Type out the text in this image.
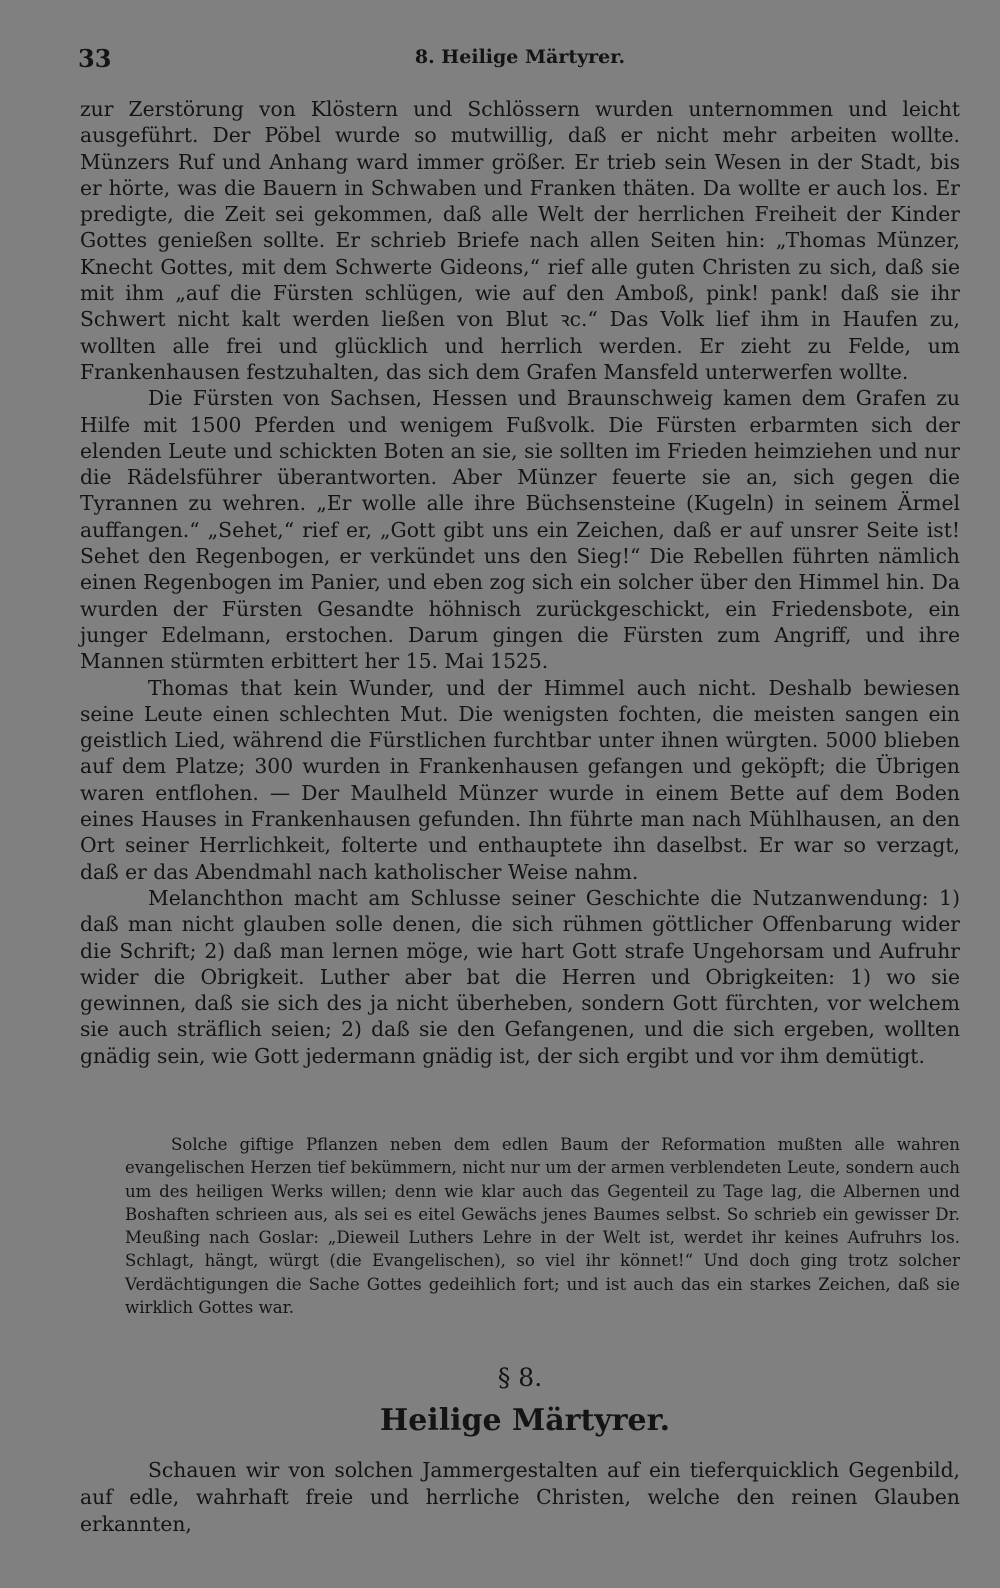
33	8. Heilige Märtyrer.

zur Zerstörung von Klöstern und Schlössern wurden unternommen und leicht ausgeführt. Der Pöbel wurde so mutwillig, daß er nicht mehr arbeiten wollte. Münzers Ruf und Anhang ward immer größer. Er trieb sein Wesen in der Stadt, bis er hörte, was die Bauern in Schwaben und Franken thäten. Da wollte er auch los. Er predigte, die Zeit sei gekommen, daß alle Welt der herrlichen Freiheit der Kinder Gottes genießen sollte. Er schrieb Briefe nach allen Seiten hin: „Thomas Münzer, Knecht Gottes, mit dem Schwerte Gideons,“ rief alle guten Christen zu sich, daß sie mit ihm „auf die Fürsten schlügen, wie auf den Amboß, pink! pank! daß sie ihr Schwert nicht kalt werden ließen von Blut ꝛc.“ Das Volk lief ihm in Haufen zu, wollten alle frei und glücklich und herrlich werden. Er zieht zu Felde, um Frankenhausen festzuhalten, das sich dem Grafen Mansfeld unterwerfen wollte.

Die Fürsten von Sachsen, Hessen und Braunschweig kamen dem Grafen zu Hilfe mit 1500 Pferden und wenigem Fußvolk. Die Fürsten erbarmten sich der elenden Leute und schickten Boten an sie, sie sollten im Frieden heimziehen und nur die Rädelsführer überantworten. Aber Münzer feuerte sie an, sich gegen die Tyrannen zu wehren. „Er wolle alle ihre Büchsensteine (Kugeln) in seinem Ärmel auffangen.“ „Sehet,“ rief er, „Gott gibt uns ein Zeichen, daß er auf unsrer Seite ist! Sehet den Regenbogen, er verkündet uns den Sieg!“ Die Rebellen führten nämlich einen Regenbogen im Panier, und eben zog sich ein solcher über den Himmel hin. Da wurden der Fürsten Gesandte höhnisch zurückgeschickt, ein Friedensbote, ein junger Edelmann, erstochen. Darum gingen die Fürsten zum Angriff, und ihre Mannen stürmten erbittert her 15. Mai 1525.

Thomas that kein Wunder, und der Himmel auch nicht. Deshalb bewiesen seine Leute einen schlechten Mut. Die wenigsten fochten, die meisten sangen ein geistlich Lied, während die Fürstlichen furchtbar unter ihnen würgten. 5000 blieben auf dem Platze; 300 wurden in Frankenhausen gefangen und geköpft; die Übrigen waren entflohen. — Der Maulheld Münzer wurde in einem Bette auf dem Boden eines Hauses in Frankenhausen gefunden. Ihn führte man nach Mühlhausen, an den Ort seiner Herrlichkeit, folterte und enthauptete ihn daselbst. Er war so verzagt, daß er das Abendmahl nach katholischer Weise nahm.

Melanchthon macht am Schlusse seiner Geschichte die Nutzanwendung: 1) daß man nicht glauben solle denen, die sich rühmen göttlicher Offenbarung wider die Schrift; 2) daß man lernen möge, wie hart Gott strafe Ungehorsam und Aufruhr wider die Obrigkeit. Luther aber bat die Herren und Obrigkeiten: 1) wo sie gewinnen, daß sie sich des ja nicht überheben, sondern Gott fürchten, vor welchem sie auch sträflich seien; 2) daß sie den Gefangenen, und die sich ergeben, wollten gnädig sein, wie Gott jedermann gnädig ist, der sich ergibt und vor ihm demütigt.

Solche giftige Pflanzen neben dem edlen Baum der Reformation mußten alle wahren evangelischen Herzen tief bekümmern, nicht nur um der armen verblendeten Leute, sondern auch um des heiligen Werks willen; denn wie klar auch das Gegenteil zu Tage lag, die Albernen und Boshaften schrieen aus, als sei es eitel Gewächs jenes Baumes selbst. So schrieb ein gewisser Dr. Meußing nach Goslar: „Dieweil Luthers Lehre in der Welt ist, werdet ihr keines Aufruhrs los. Schlagt, hängt, würgt (die Evangelischen), so viel ihr könnet!“ Und doch ging trotz solcher Verdächtigungen die Sache Gottes gedeihlich fort; und ist auch das ein starkes Zeichen, daß sie wirklich Gottes war.

§ 8.
Heilige Märtyrer.

Schauen wir von solchen Jammergestalten auf ein tieferquicklich Gegenbild, auf edle, wahrhaft freie und herrliche Christen, welche den reinen Glauben erkannten,
